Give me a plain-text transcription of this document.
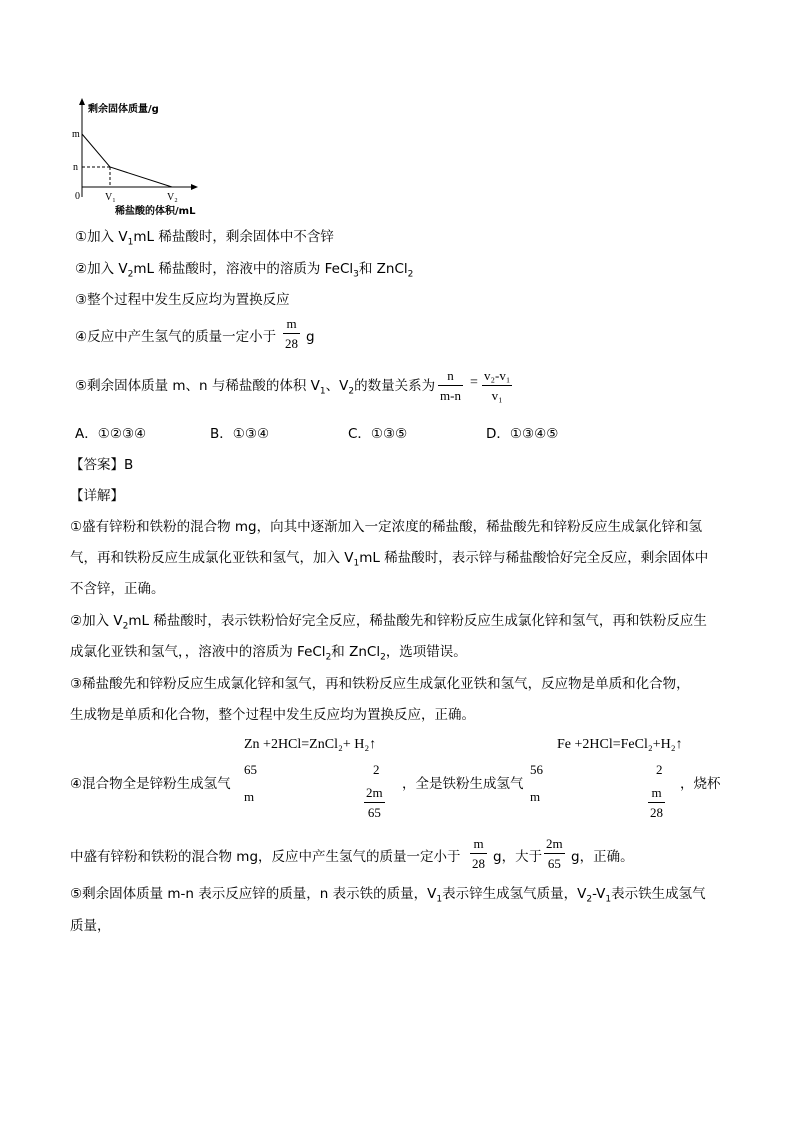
剩余固体质量/g
稀盐酸的体积/mL
0
m
n
V₁	V₂
①加入 $V_1mL$ 稀盐酸时，剩余固体中不含锌
②加入 $V_2mL$ 稀盐酸时，溶液中的溶质为 FeCl$_3$和 ZnCl$_2$
③整个过程中发生反应均为置换反应
④反应中产生氢气的质量一定小于
m
28 g
⑤剩余固体质量 m、n 与稀盐酸的体积 $V_1$、$V_2$的数量关系为
n
m-n
= v₂-v₁
v₁
A．①②③④	B．①③④	C．①③⑤	D．①③④⑤
【答案】B
【详解】
①盛有锌粉和铁粉的混合物 mg，向其中逐渐加入一定浓度的稀盐酸，稀盐酸先和锌粉反应生成氯化锌和氢
气，再和铁粉反应生成氯化亚铁和氢气，加入 $V_1mL$ 稀盐酸时，表示锌与稀盐酸恰好完全反应，剩余固体中
不含锌，正确。
②加入 $V_2mL$ 稀盐酸时，表示铁粉恰好完全反应，稀盐酸先和锌粉反应生成氯化锌和氢气，再和铁粉反应生
成氯化亚铁和氢气，，溶液中的溶质为 FeCl$_2$和 ZnCl$_2$，选项错误。
③稀盐酸先和锌粉反应生成氯化锌和氢气，再和铁粉反应生成氯化亚铁和氢气，反应物是单质和化合物，
生成物是单质和化合物，整个过程中发生反应均为置换反应，正确。
Zn +2HCl=ZnCl₂+ H₂↑
65
m
2
2m
65
④混合物全是锌粉生成氢气	，全是铁粉生成氢气	，烧杯
Fe +2HCl=FeCl₂+H₂↑
56
m
2
m
28
中盛有锌粉和铁粉的混合物 mg，反应中产生氢气的质量一定小于
m
28 g，大于
2m
65 g，正确。
⑤剩余固体质量 m-n 表示反应锌的质量，n 表示铁的质量，$V_1$表示锌生成氢气质量，$V_2-V_1$表示铁生成氢气
质量，
